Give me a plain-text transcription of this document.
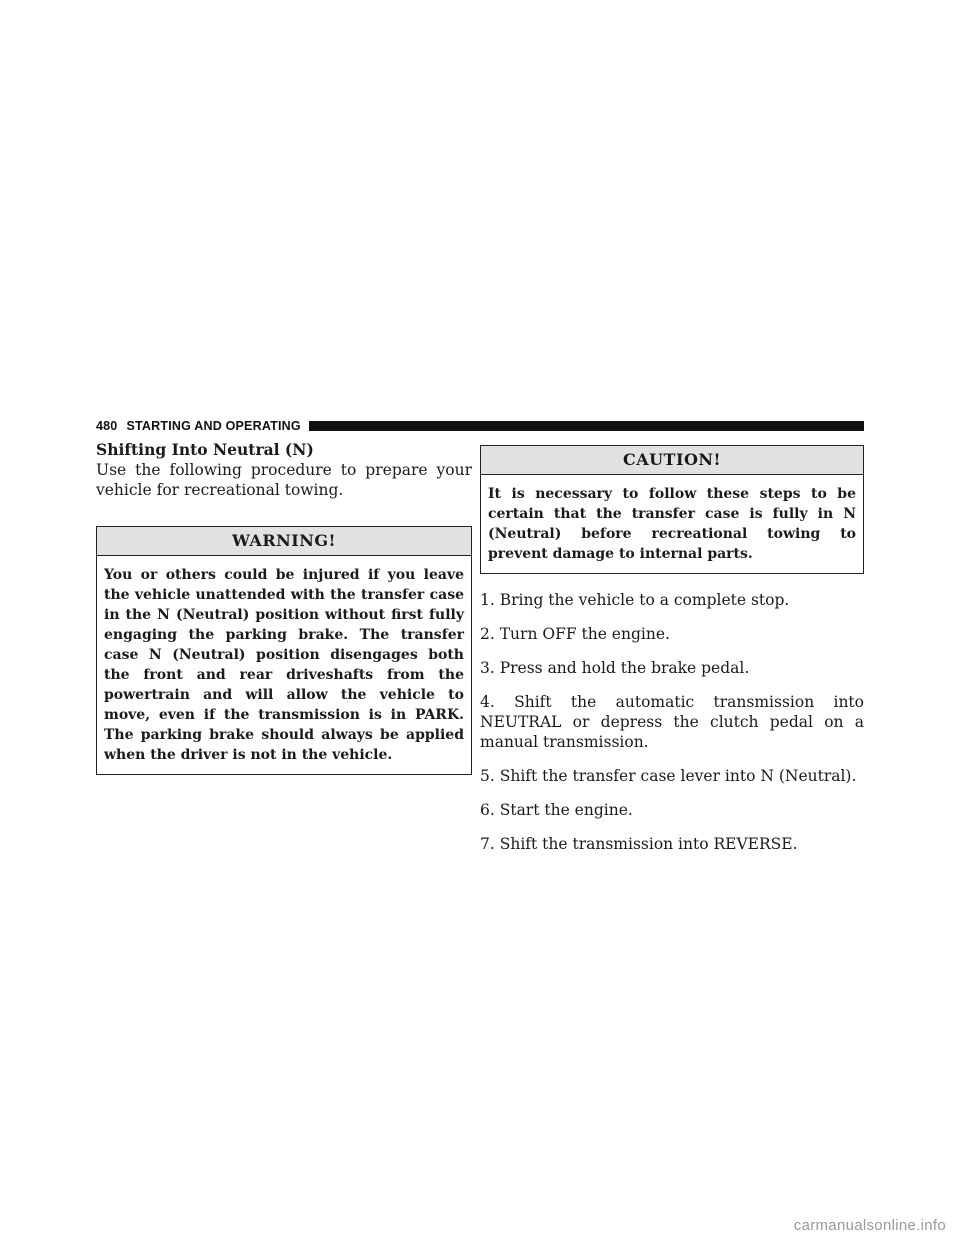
480 STARTING AND OPERATING

Shifting Into Neutral (N)

Use the following procedure to prepare your vehicle for recreational towing.

WARNING!
You or others could be injured if you leave the vehicle unattended with the transfer case in the N (Neutral) position without first fully engaging the parking brake. The transfer case N (Neutral) position disengages both the front and rear driveshafts from the powertrain and will allow the vehicle to move, even if the transmission is in PARK. The parking brake should always be applied when the driver is not in the vehicle.
CAUTION!
It is necessary to follow these steps to be certain that the transfer case is fully in N (Neutral) before recreational towing to prevent damage to internal parts.

1. Bring the vehicle to a complete stop.

2. Turn OFF the engine.

3. Press and hold the brake pedal.

4. Shift the automatic transmission into NEUTRAL or depress the clutch pedal on a manual transmission.

5. Shift the transfer case lever into N (Neutral).

6. Start the engine.

7. Shift the transmission into REVERSE.

carmanualsonline.info
